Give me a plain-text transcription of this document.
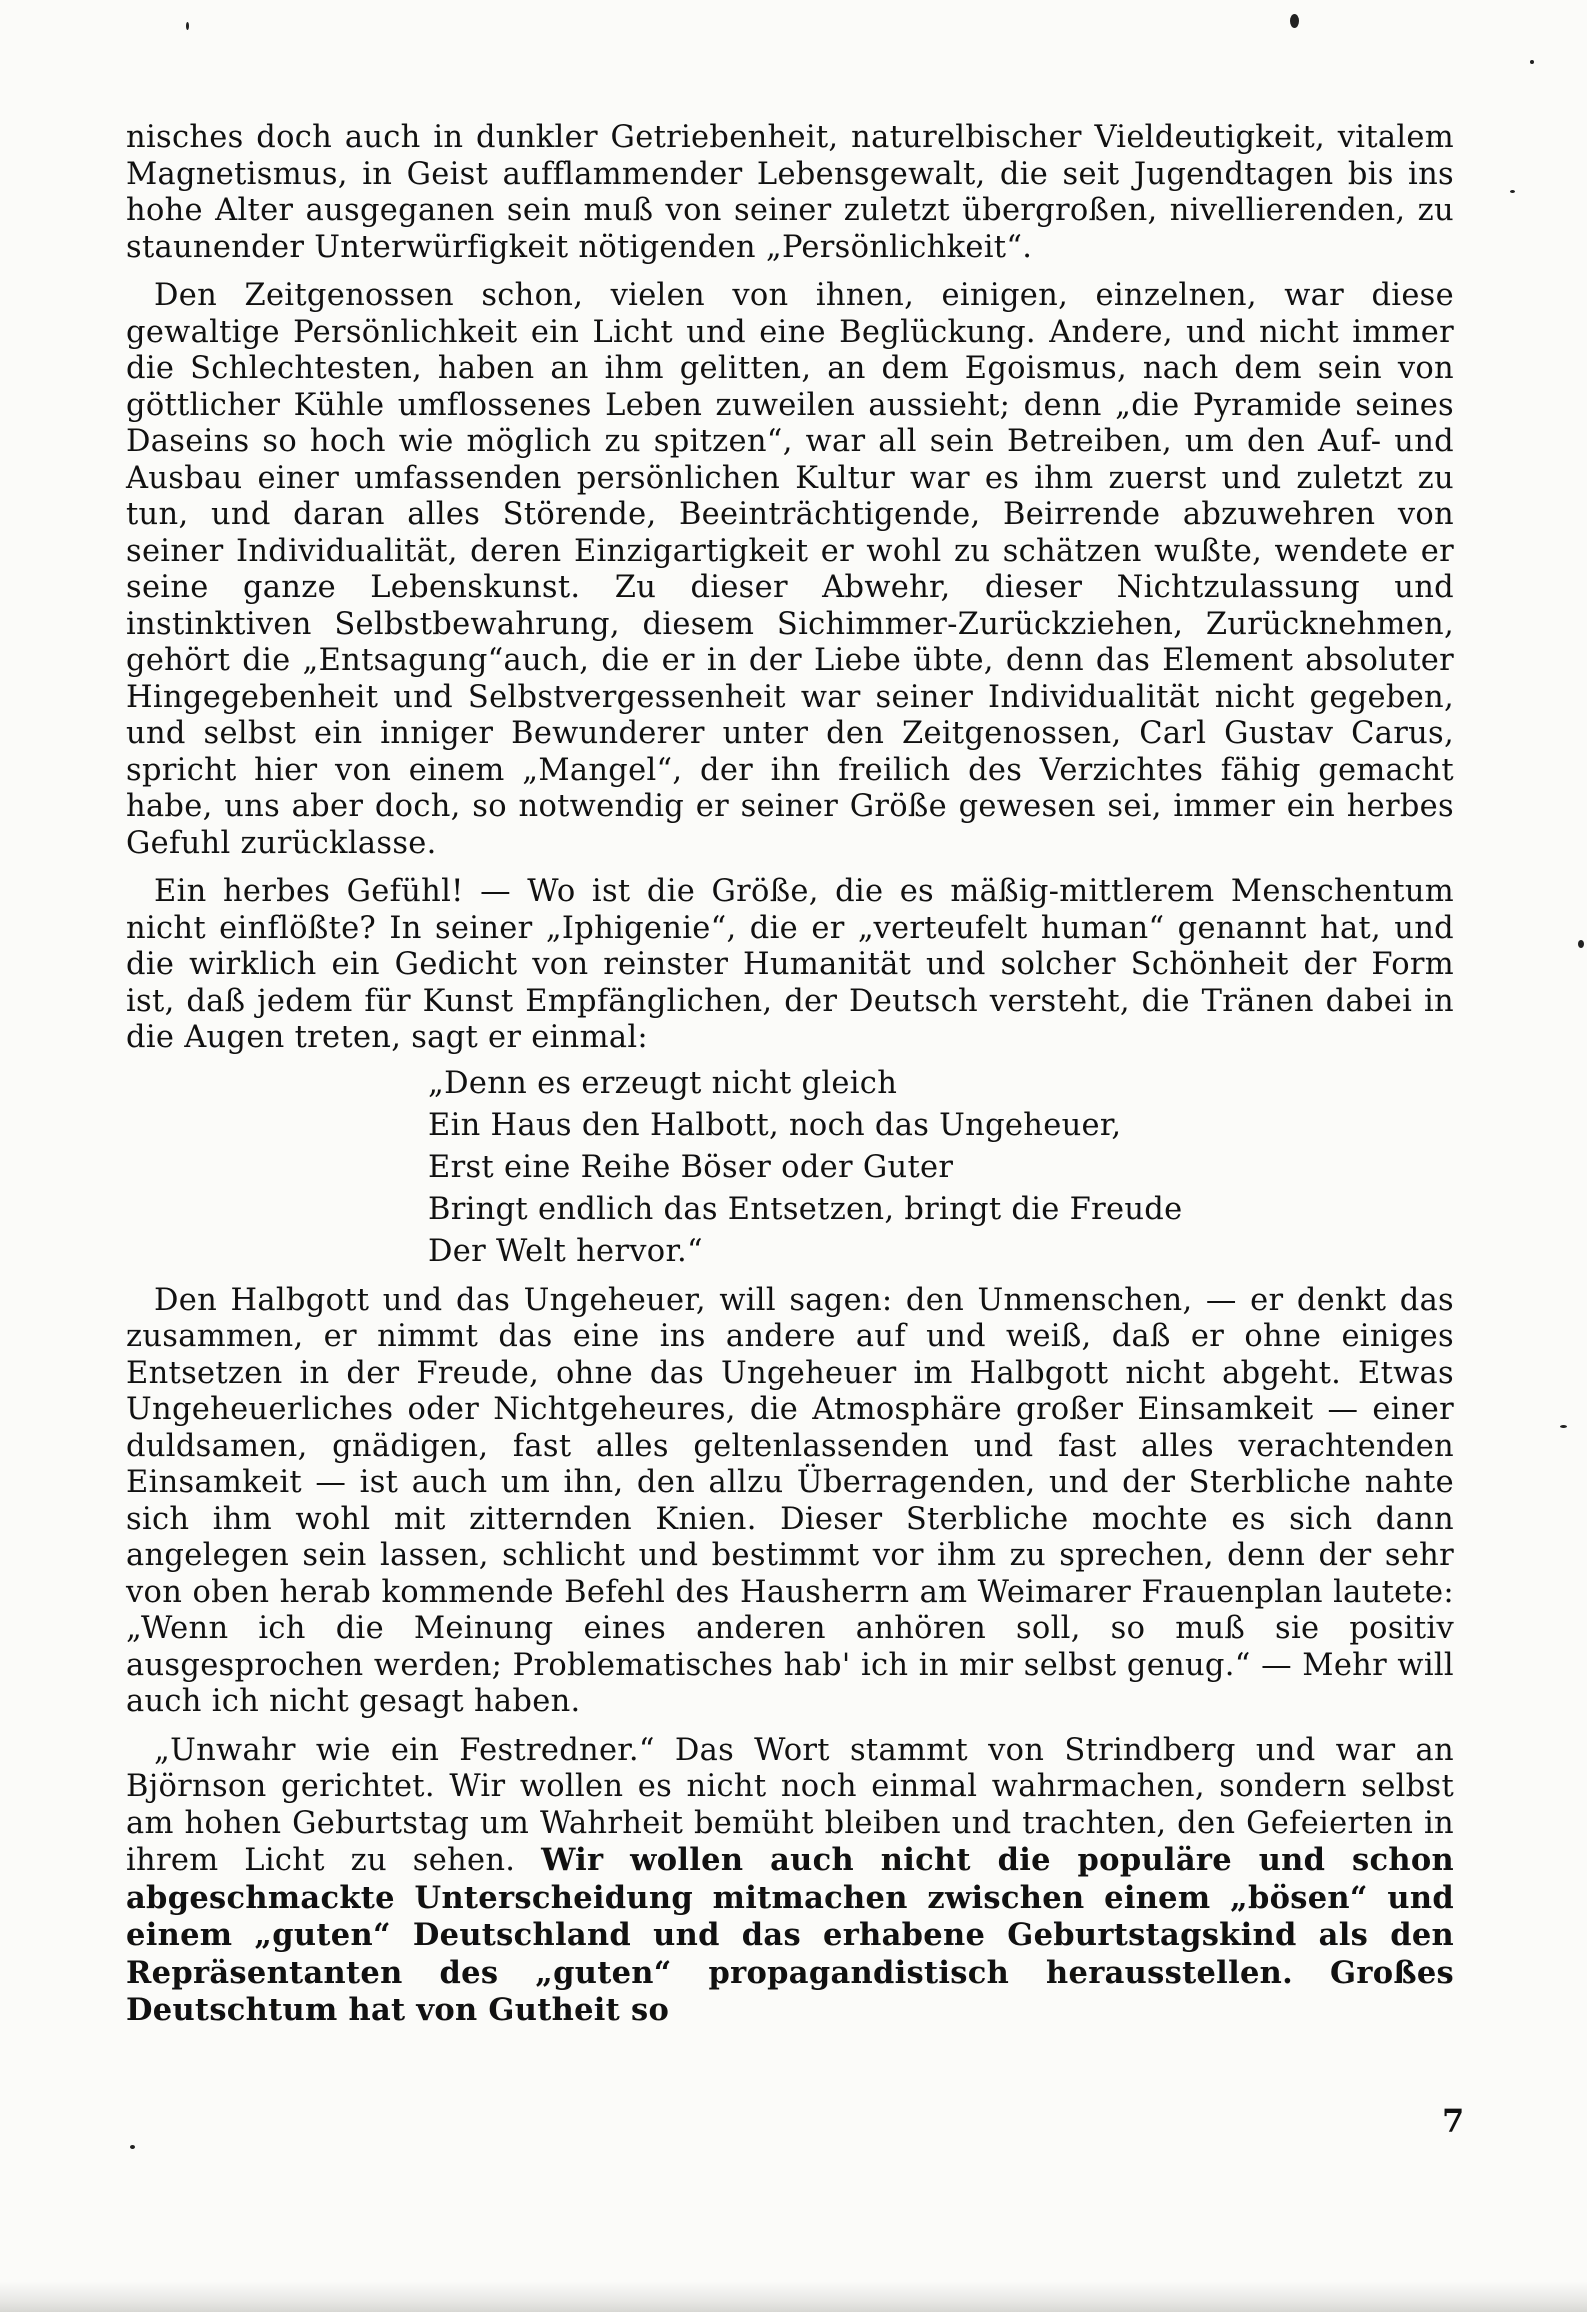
nisches doch auch in dunkler Getriebenheit, naturelbischer Vieldeutigkeit, vitalem Magnetismus, in Geist aufflammender Lebensgewalt, die seit Jugendtagen bis ins hohe Alter ausgeganen sein muß von seiner zuletzt übergroßen, nivellierenden, zu staunender Unterwürfigkeit nötigenden „Persönlichkeit“.

Den Zeitgenossen schon, vielen von ihnen, einigen, einzelnen, war diese gewaltige Persönlichkeit ein Licht und eine Beglückung. Andere, und nicht immer die Schlechtesten, haben an ihm gelitten, an dem Egoismus, nach dem sein von göttlicher Kühle umflossenes Leben zuweilen aussieht; denn „die Pyramide seines Daseins so hoch wie möglich zu spitzen“, war all sein Betreiben, um den Auf- und Ausbau einer umfassenden persönlichen Kultur war es ihm zuerst und zuletzt zu tun, und daran alles Störende, Beeinträchtigende, Beirrende abzuwehren von seiner Individualität, deren Einzigartigkeit er wohl zu schätzen wußte, wendete er seine ganze Lebenskunst. Zu dieser Abwehr, dieser Nichtzulassung und instinktiven Selbstbewahrung, diesem Sichimmer-Zurückziehen, Zurücknehmen, gehört die „Entsagung“auch, die er in der Liebe übte, denn das Element absoluter Hingegebenheit und Selbstvergessenheit war seiner Individualität nicht gegeben, und selbst ein inniger Bewunderer unter den Zeitgenossen, Carl Gustav Carus, spricht hier von einem „Mangel“, der ihn freilich des Verzichtes fähig gemacht habe, uns aber doch, so notwendig er seiner Größe gewesen sei, immer ein herbes Gefuhl zurücklasse.

Ein herbes Gefühl! — Wo ist die Größe, die es mäßig-mittlerem Menschentum nicht einflößte? In seiner „Iphigenie“, die er „verteufelt human“ genannt hat, und die wirklich ein Gedicht von reinster Humanität und solcher Schönheit der Form ist, daß jedem für Kunst Empfänglichen, der Deutsch versteht, die Tränen dabei in die Augen treten, sagt er einmal:

„Denn es erzeugt nicht gleich
Ein Haus den Halbott, noch das Ungeheuer,
Erst eine Reihe Böser oder Guter
Bringt endlich das Entsetzen, bringt die Freude
Der Welt hervor.“

Den Halbgott und das Ungeheuer, will sagen: den Unmenschen, — er denkt das zusammen, er nimmt das eine ins andere auf und weiß, daß er ohne einiges Entsetzen in der Freude, ohne das Ungeheuer im Halbgott nicht abgeht. Etwas Ungeheuerliches oder Nichtgeheures, die Atmosphäre großer Einsamkeit — einer duldsamen, gnädigen, fast alles geltenlassenden und fast alles verachtenden Einsamkeit — ist auch um ihn, den allzu Überragenden, und der Sterbliche nahte sich ihm wohl mit zitternden Knien. Dieser Sterbliche mochte es sich dann angelegen sein lassen, schlicht und bestimmt vor ihm zu sprechen, denn der sehr von oben herab kommende Befehl des Hausherrn am Weimarer Frauenplan lautete: „Wenn ich die Meinung eines anderen anhören soll, so muß sie positiv ausgesprochen werden; Problematisches hab' ich in mir selbst genug.“ — Mehr will auch ich nicht gesagt haben.

„Unwahr wie ein Festredner.“ Das Wort stammt von Strindberg und war an Björnson gerichtet. Wir wollen es nicht noch einmal wahrmachen, sondern selbst am hohen Geburtstag um Wahrheit bemüht bleiben und trachten, den Gefeierten in ihrem Licht zu sehen. Wir wollen auch nicht die populäre und schon abgeschmackte Unterscheidung mitmachen zwischen einem „bösen“ und einem „guten“ Deutschland und das erhabene Geburtstagskind als den Repräsentanten des „guten“ propagandistisch herausstellen. Großes Deutschtum hat von Gutheit so

7
